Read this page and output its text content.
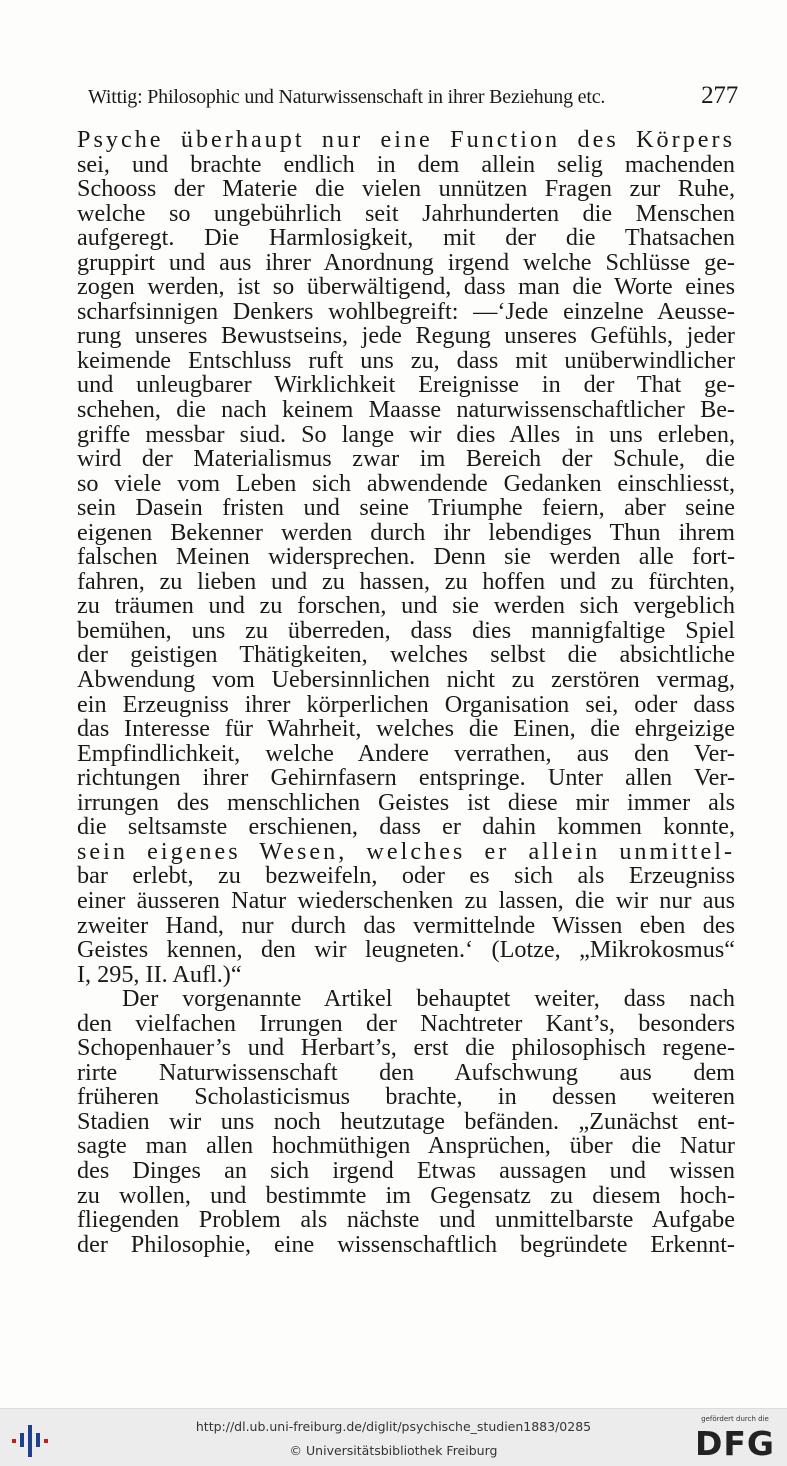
Wittig: Philosophic und Naturwissenschaft in ihrer Beziehung etc.	277
Psyche überhaupt nur eine Function des Körpers
sei, und brachte endlich in dem allein selig machenden
Schooss der Materie die vielen unnützen Fragen zur Ruhe,
welche so ungebührlich seit Jahrhunderten die Menschen
aufgeregt. Die Harmlosigkeit, mit der die Thatsachen
gruppirt und aus ihrer Anordnung irgend welche Schlüsse ge-
zogen werden, ist so überwältigend, dass man die Worte eines
scharfsinnigen Denkers wohlbegreift: —‘Jede einzelne Aeusse-
rung unseres Bewustseins, jede Regung unseres Gefühls, jeder
keimende Entschluss ruft uns zu, dass mit unüberwindlicher
und unleugbarer Wirklichkeit Ereignisse in der That ge-
schehen, die nach keinem Maasse naturwissenschaftlicher Be-
griffe messbar siud. So lange wir dies Alles in uns erleben,
wird der Materialismus zwar im Bereich der Schule, die
so viele vom Leben sich abwendende Gedanken einschliesst,
sein Dasein fristen und seine Triumphe feiern, aber seine
eigenen Bekenner werden durch ihr lebendiges Thun ihrem
falschen Meinen widersprechen. Denn sie werden alle fort-
fahren, zu lieben und zu hassen, zu hoffen und zu fürchten,
zu träumen und zu forschen, und sie werden sich vergeblich
bemühen, uns zu überreden, dass dies mannigfaltige Spiel
der geistigen Thätigkeiten, welches selbst die absichtliche
Abwendung vom Uebersinnlichen nicht zu zerstören vermag,
ein Erzeugniss ihrer körperlichen Organisation sei, oder dass
das Interesse für Wahrheit, welches die Einen, die ehrgeizige
Empfindlichkeit, welche Andere verrathen, aus den Ver-
richtungen ihrer Gehirnfasern entspringe. Unter allen Ver-
irrungen des menschlichen Geistes ist diese mir immer als
die seltsamste erschienen, dass er dahin kommen konnte,
sein eigenes Wesen, welches er allein unmittel-
bar erlebt, zu bezweifeln, oder es sich als Erzeugniss
einer äusseren Natur wiederschenken zu lassen, die wir nur aus
zweiter Hand, nur durch das vermittelnde Wissen eben des
Geistes kennen, den wir leugneten.‘ (Lotze, „Mikrokosmus“
I, 295, II. Aufl.)“
Der vorgenannte Artikel behauptet weiter, dass nach
den vielfachen Irrungen der Nachtreter Kant’s, besonders
Schopenhauer’s und Herbart’s, erst die philosophisch regene-
rirte Naturwissenschaft den Aufschwung aus dem
früheren Scholasticismus brachte, in dessen weiteren
Stadien wir uns noch heutzutage befänden. „Zunächst ent-
sagte man allen hochmüthigen Ansprüchen, über die Natur
des Dinges an sich irgend Etwas aussagen und wissen
zu wollen, und bestimmte im Gegensatz zu diesem hoch-
fliegenden Problem als nächste und unmittelbarste Aufgabe
der Philosophie, eine wissenschaftlich begründete Erkennt-
http://dl.ub.uni-freiburg.de/diglit/psychische_studien1883/0285
© Universitätsbibliothek Freiburg
gefördert durch die
DFG
